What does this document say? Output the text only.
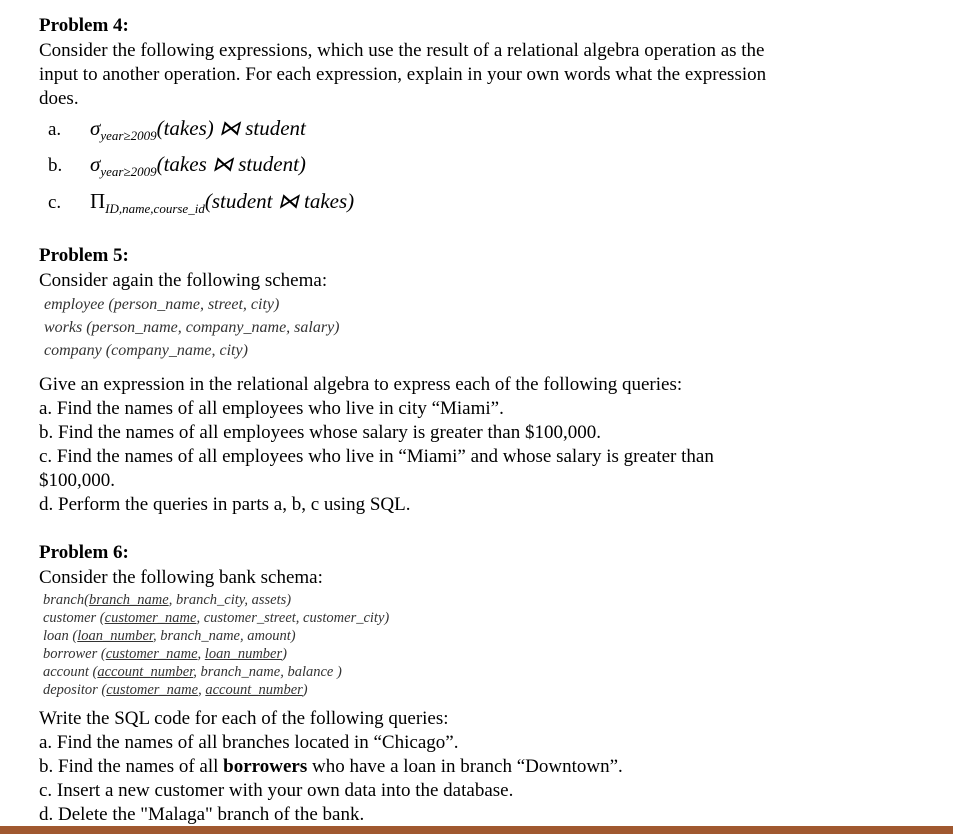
Problem 4:
Consider the following expressions, which use the result of a relational algebra operation as the
input to another operation. For each expression, explain in your own words what the expression
does.
a. $\sigma_{year\ge 2009}(takes)$ ⋈ student
b. $\sigma_{year\ge 2009}(takes$ ⋈ student)
c. $\Pi_{ID,name,course\_id}(student$ ⋈ takes)
Problem 5:
Consider again the following schema:
employee (person_name, street, city)
works (person_name, company_name, salary)
company (company_name, city)
Give an expression in the relational algebra to express each of the following queries:
a. Find the names of all employees who live in city “Miami”.
b. Find the names of all employees whose salary is greater than $100,000.
c. Find the names of all employees who live in “Miami” and whose salary is greater than
$100,000.
d. Perform the queries in parts a, b, c using SQL.
Problem 6:
Consider the following bank schema:
branch(branch_name, branch_city, assets)
customer (customer_name, customer_street, customer_city)
loan (loan_number, branch_name, amount)
borrower (customer_name, loan_number)
account (account_number, branch_name, balance )
depositor (customer_name, account_number)
Write the SQL code for each of the following queries:
a. Find the names of all branches located in “Chicago”.
b. Find the names of all borrowers who have a loan in branch “Downtown”.
c. Insert a new customer with your own data into the database.
d. Delete the "Malaga" branch of the bank.
